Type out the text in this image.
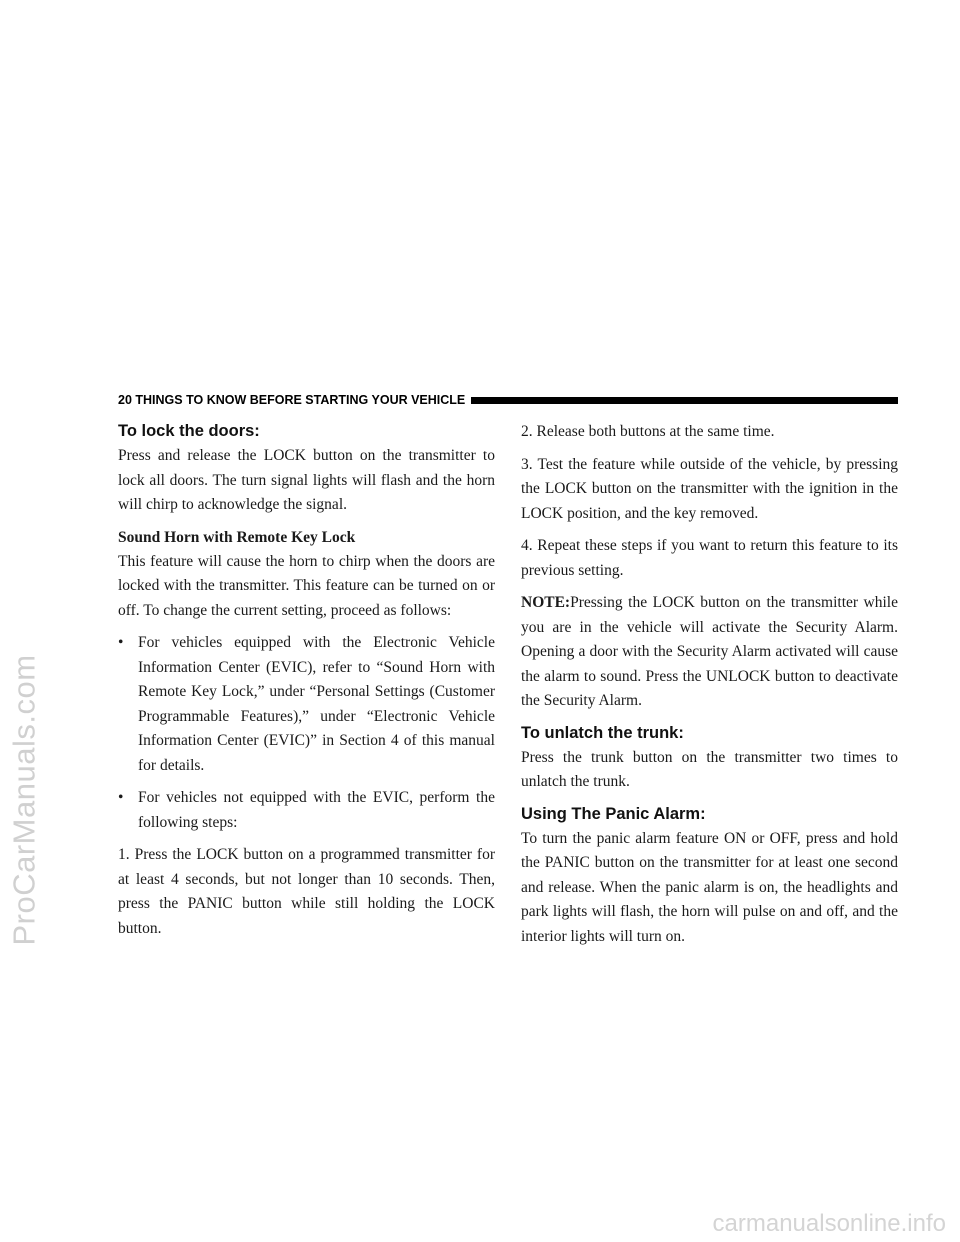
ProCarManuals.com
20 THINGS TO KNOW BEFORE STARTING YOUR VEHICLE
To lock the doors:

Press and release the LOCK button on the transmitter to lock all doors. The turn signal lights will flash and the horn will chirp to acknowledge the signal.

Sound Horn with Remote Key Lock

This feature will cause the horn to chirp when the doors are locked with the transmitter. This feature can be turned on or off. To change the current setting, proceed as follows:

• For vehicles equipped with the Electronic Vehicle Information Center (EVIC), refer to “Sound Horn with Remote Key Lock,” under “Personal Settings (Customer Programmable Features),” under “Electronic Vehicle Information Center (EVIC)” in Section 4 of this manual for details.
• For vehicles not equipped with the EVIC, perform the following steps:

1. Press the LOCK button on a programmed transmitter for at least 4 seconds, but not longer than 10 seconds. Then, press the PANIC button while still holding the LOCK button.

2. Release both buttons at the same time.

3. Test the feature while outside of the vehicle, by pressing the LOCK button on the transmitter with the ignition in the LOCK position, and the key removed.

4. Repeat these steps if you want to return this feature to its previous setting.

NOTE:Pressing the LOCK button on the transmitter while you are in the vehicle will activate the Security Alarm. Opening a door with the Security Alarm activated will cause the alarm to sound. Press the UNLOCK button to deactivate the Security Alarm.

To unlatch the trunk:

Press the trunk button on the transmitter two times to unlatch the trunk.

Using The Panic Alarm:

To turn the panic alarm feature ON or OFF, press and hold the PANIC button on the transmitter for at least one second and release. When the panic alarm is on, the headlights and park lights will flash, the horn will pulse on and off, and the interior lights will turn on.

carmanualsonline.info
